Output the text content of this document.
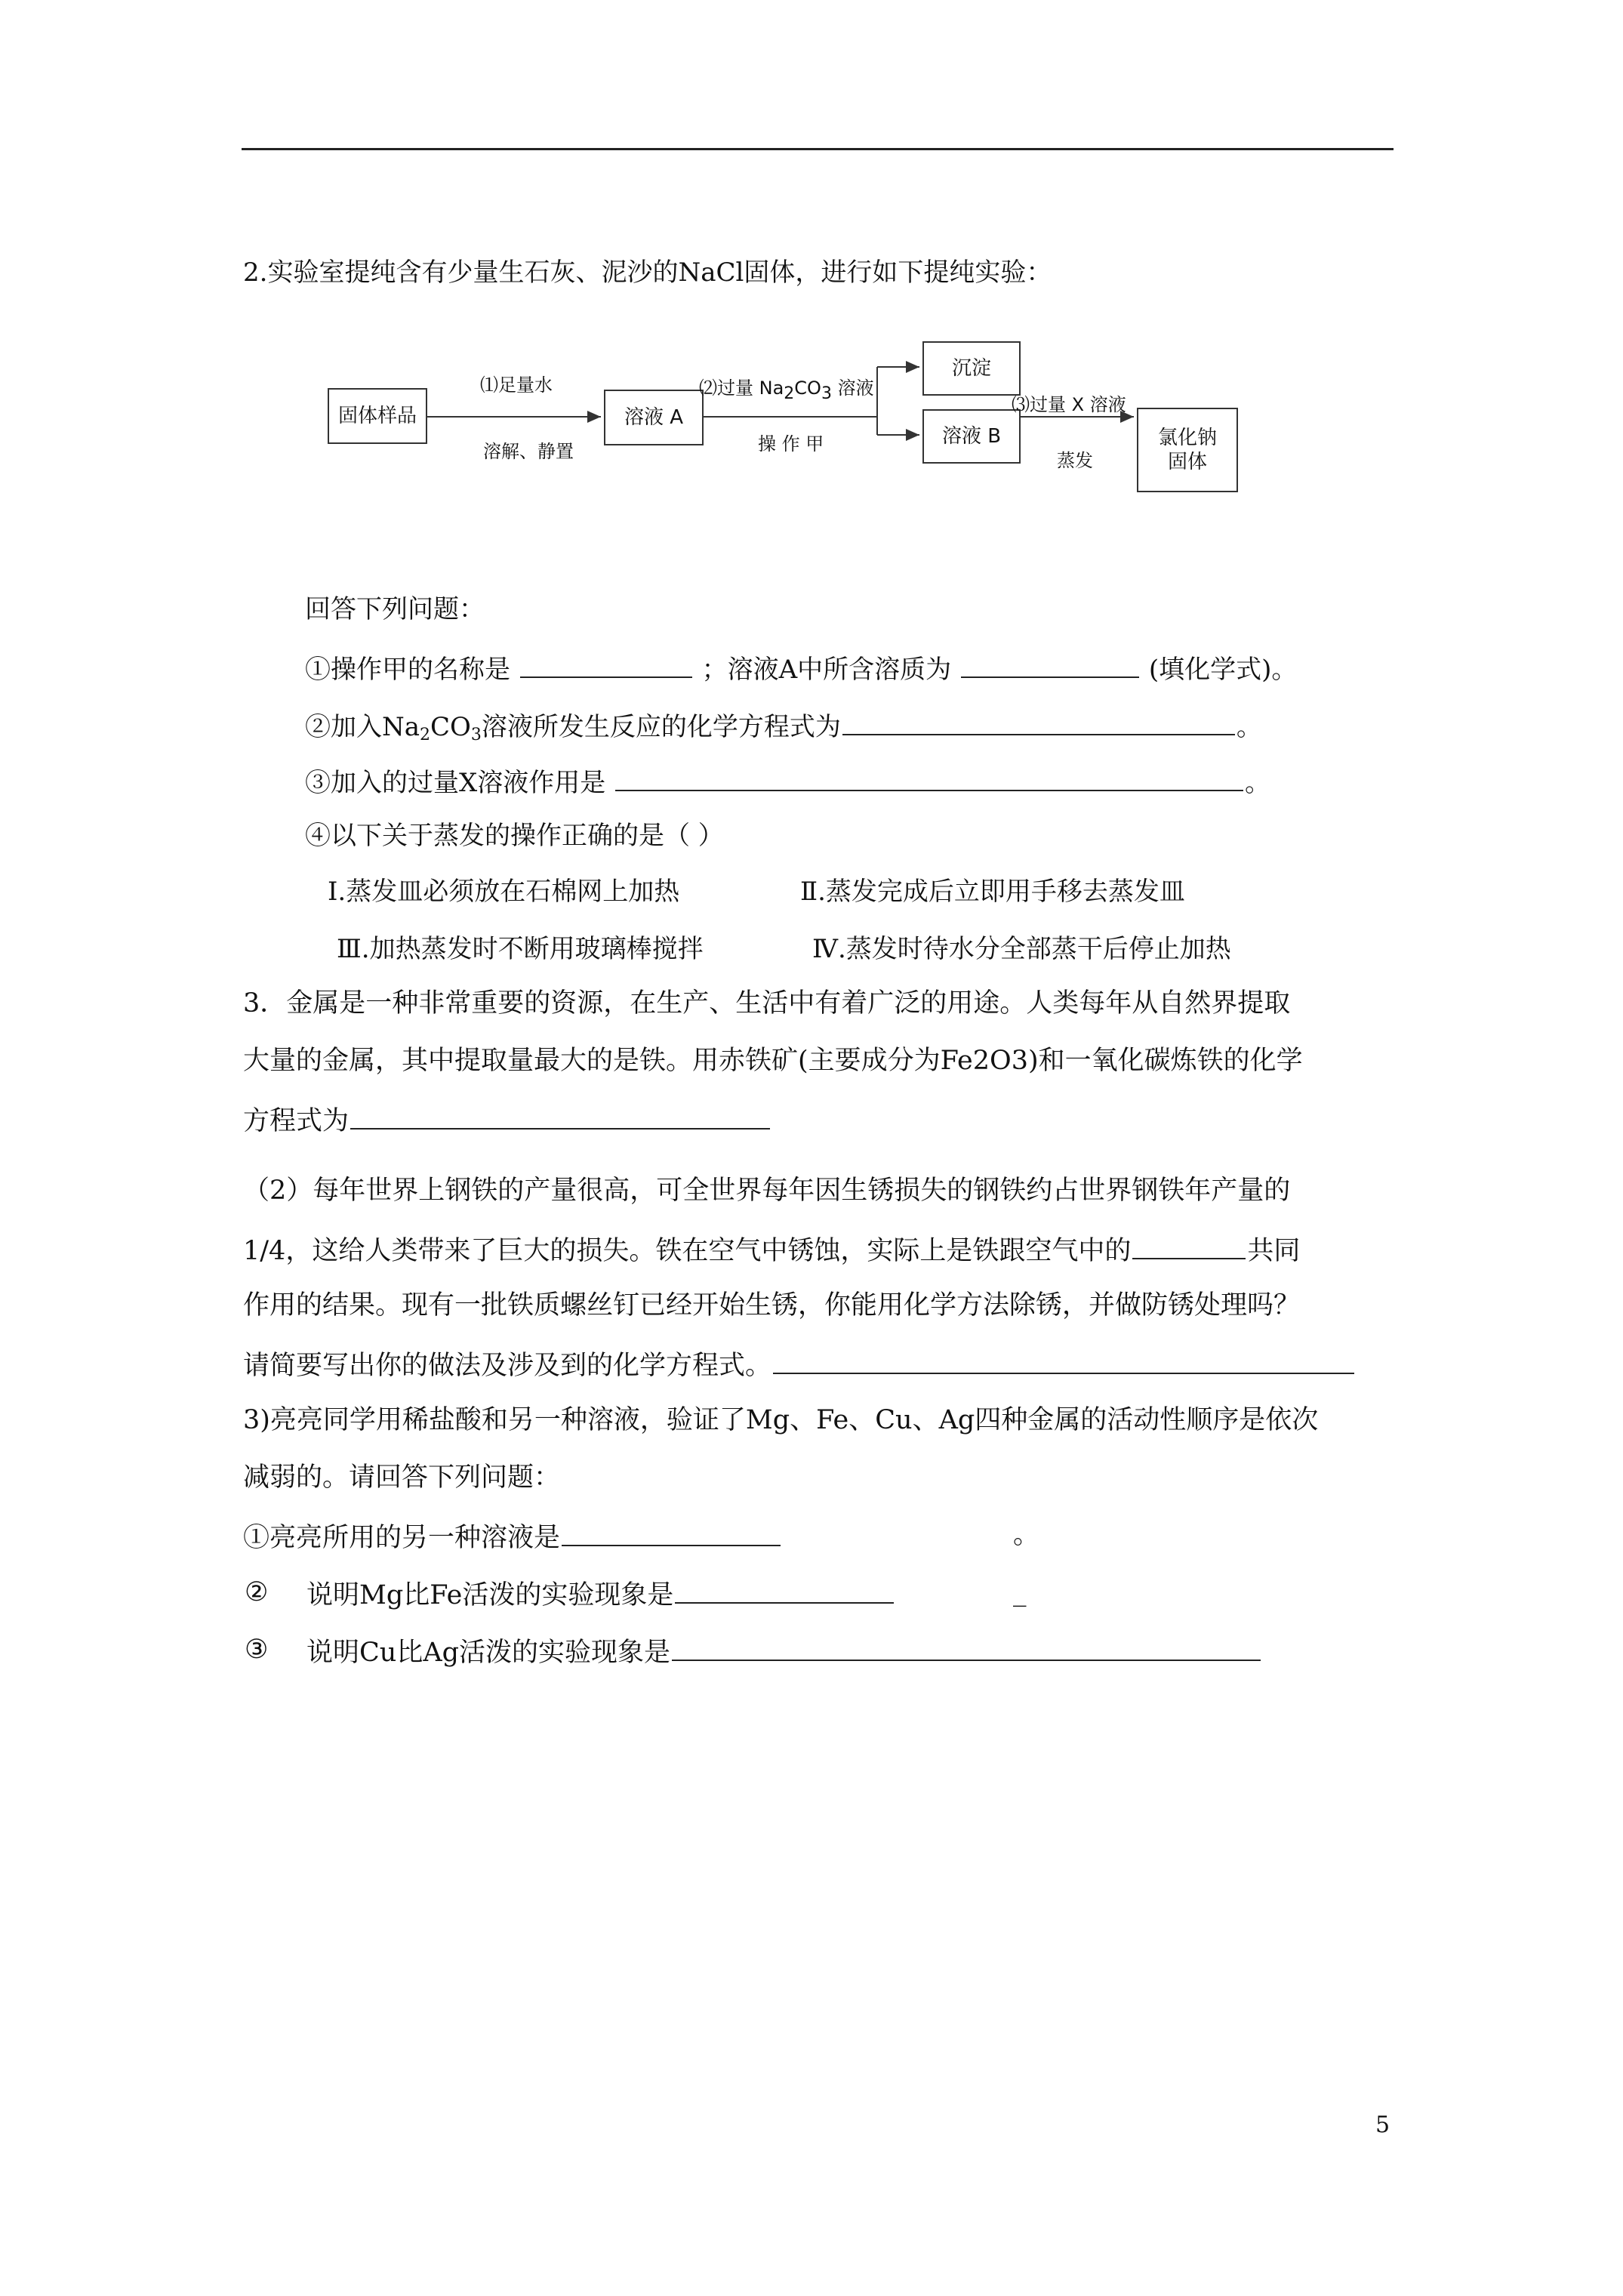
2.实验室提纯含有少量生石灰、泥沙的NaCl固体，进行如下提纯实验：
固体样品	溶液 A
沉淀
溶液 B	氯化钠
固体
⑴足量水
溶解、静置
⑵过量 $Na_2CO_3$ 溶液
操 作 甲
⑶过量 X 溶液
蒸发
回答下列问题：
①操作甲的名称是	；溶液A中所含溶质为	(填化学式)。
②加入$Na_2CO_3$溶液所发生反应的化学方程式为	。
③加入的过量X溶液作用是	。
④以下关于蒸发的操作正确的是（ ）
Ⅰ.蒸发皿必须放在石棉网上加热	Ⅱ.蒸发完成后立即用手移去蒸发皿
Ⅲ.加热蒸发时不断用玻璃棒搅拌	Ⅳ.蒸发时待水分全部蒸干后停止加热
3．金属是一种非常重要的资源，在生产、生活中有着广泛的用途。人类每年从自然界提取
大量的金属，其中提取量最大的是铁。用赤铁矿(主要成分为Fe2O3)和一氧化碳炼铁的化学
方程式为
（2）每年世界上钢铁的产量很高，可全世界每年因生锈损失的钢铁约占世界钢铁年产量的
1/4，这给人类带来了巨大的损失。铁在空气中锈蚀，实际上是铁跟空气中的	共同
作用的结果。现有一批铁质螺丝钉已经开始生锈，你能用化学方法除锈，并做防锈处理吗？
请简要写出你的做法及涉及到的化学方程式。
3)亮亮同学用稀盐酸和另一种溶液，验证了Mg、Fe、Cu、Ag四种金属的活动性顺序是依次
减弱的。请回答下列问题：
①亮亮所用的另一种溶液是	。
② 说明Mg比Fe活泼的实验现象是	_
③ 说明Cu比Ag活泼的实验现象是
5
